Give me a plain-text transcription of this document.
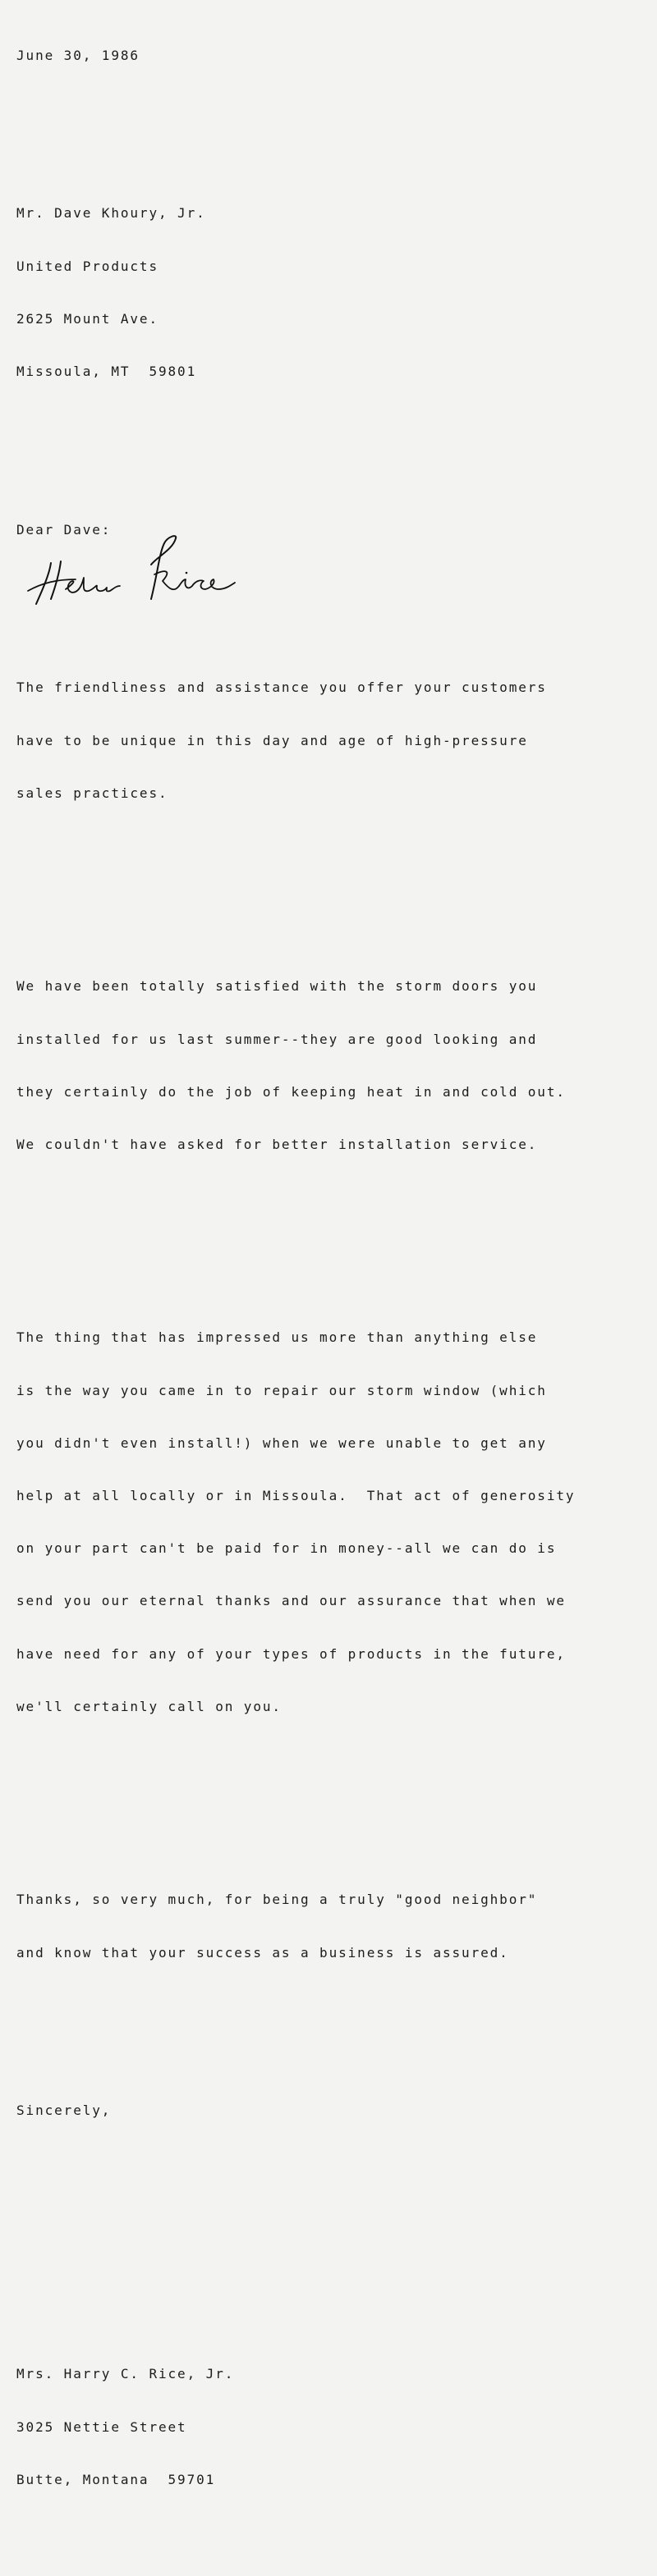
June 30, 1986

Mr. Dave Khoury, Jr.

United Products

2625 Mount Ave.

Missoula, MT  59801

Dear Dave:

The friendliness and assistance you offer your customers

have to be unique in this day and age of high-pressure

sales practices.

We have been totally satisfied with the storm doors you

installed for us last summer--they are good looking and

they certainly do the job of keeping heat in and cold out.

We couldn't have asked for better installation service.

The thing that has impressed us more than anything else

is the way you came in to repair our storm window (which

you didn't even install!) when we were unable to get any

help at all locally or in Missoula.  That act of generosity

on your part can't be paid for in money--all we can do is

send you our eternal thanks and our assurance that when we

have need for any of your types of products in the future,

we'll certainly call on you.

Thanks, so very much, for being a truly "good neighbor"

and know that your success as a business is assured.

Sincerely,

Mrs. Harry C. Rice, Jr.

3025 Nettie Street

Butte, Montana  59701
